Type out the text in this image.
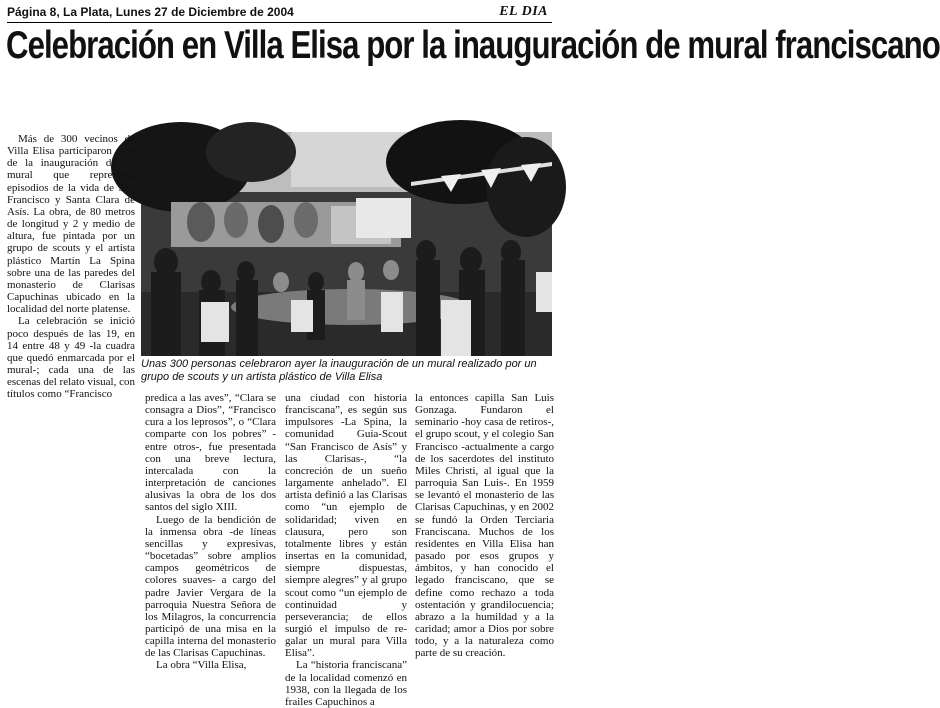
Página 8, La Plata, Lunes 27 de Diciembre de 2004	EL DIA
Celebración en Villa Elisa por la inauguración de mural franciscano

Unas 300 personas celebraron ayer la inauguración de un mural realizado por un grupo de scouts y un artista plástico de Villa Elisa

Más de 300 vecinos de Villa Elisa participaron ayer de la inauguración de un mural que representa episodios de la vida de San Francisco y Santa Clara de Asís. La obra, de 80 metros de longitud y 2 y medio de altura, fue pintada por un grupo de scouts y el artista plástico Martín La Spina sobre una de las paredes del monasterio de Clarisas Capuchinas ubicado en la localidad del norte platense.

La celebración se inició poco después de las 19, en 14 entre 48 y 49 -la cuadra que quedó enmarcada por el mural-; cada una de las escenas del relato visual, con títulos como “Francisco	predica a las aves”, “Clara se consagra a Dios”, “Francisco cura a los leprosos”, o “Clara comparte con los pobres” -entre otros-, fue presentada con una breve lectura, intercalada con la interpretación de canciones alusivas la obra de los dos santos del siglo XIII.

Luego de la bendición de la inmensa obra -de líneas sencillas y expresivas, “bocetadas” sobre amplios campos geométricos de colores suaves- a cargo del padre Javier Vergara de la parroquia Nuestra Señora de los Milagros, la concurrencia participó de una misa en la capilla interna del monasterio de las Clarisas Capuchinas.

La obra “Villa Elisa,

una ciudad con historia franciscana”, es según sus impulsores -La Spina, la comunidad Guía-Scout “San Francisco de Asís” y las Clarisas-, “la concreción de un sueño largamente anhelado”. El artista definió a las Clarisas como “un ejemplo de solidaridad; viven en clausura, pero son totalmente libres y están insertas en la comunidad, siempre dispuestas, siempre alegres” y al grupo scout como “un ejemplo de continuidad y perseverancia; de ellos surgió el impulso de re-galar un mural para Villa Elisa”.

La “historia franciscana” de la localidad comenzó en 1938, con la llegada de los frailes Capuchinos a

la entonces capilla San Luis Gonzaga. Fundaron el seminario -hoy casa de retiros-, el grupo scout, y el colegio San Francisco -actualmente a cargo de los sacerdotes del instituto Miles Christi, al igual que la parroquia San Luis-. En 1959 se levantó el monasterio de las Clarisas Capuchinas, y en 2002 se fundó la Orden Terciaria Franciscana. Muchos de los residentes en Villa Elisa han pasado por esos grupos y ámbitos, y han conocido el legado franciscano, que se define como rechazo a toda ostentación y grandilocuencia; abrazo a la humildad y a la caridad; amor a Dios por sobre todo, y a la naturaleza como parte de su creación.
